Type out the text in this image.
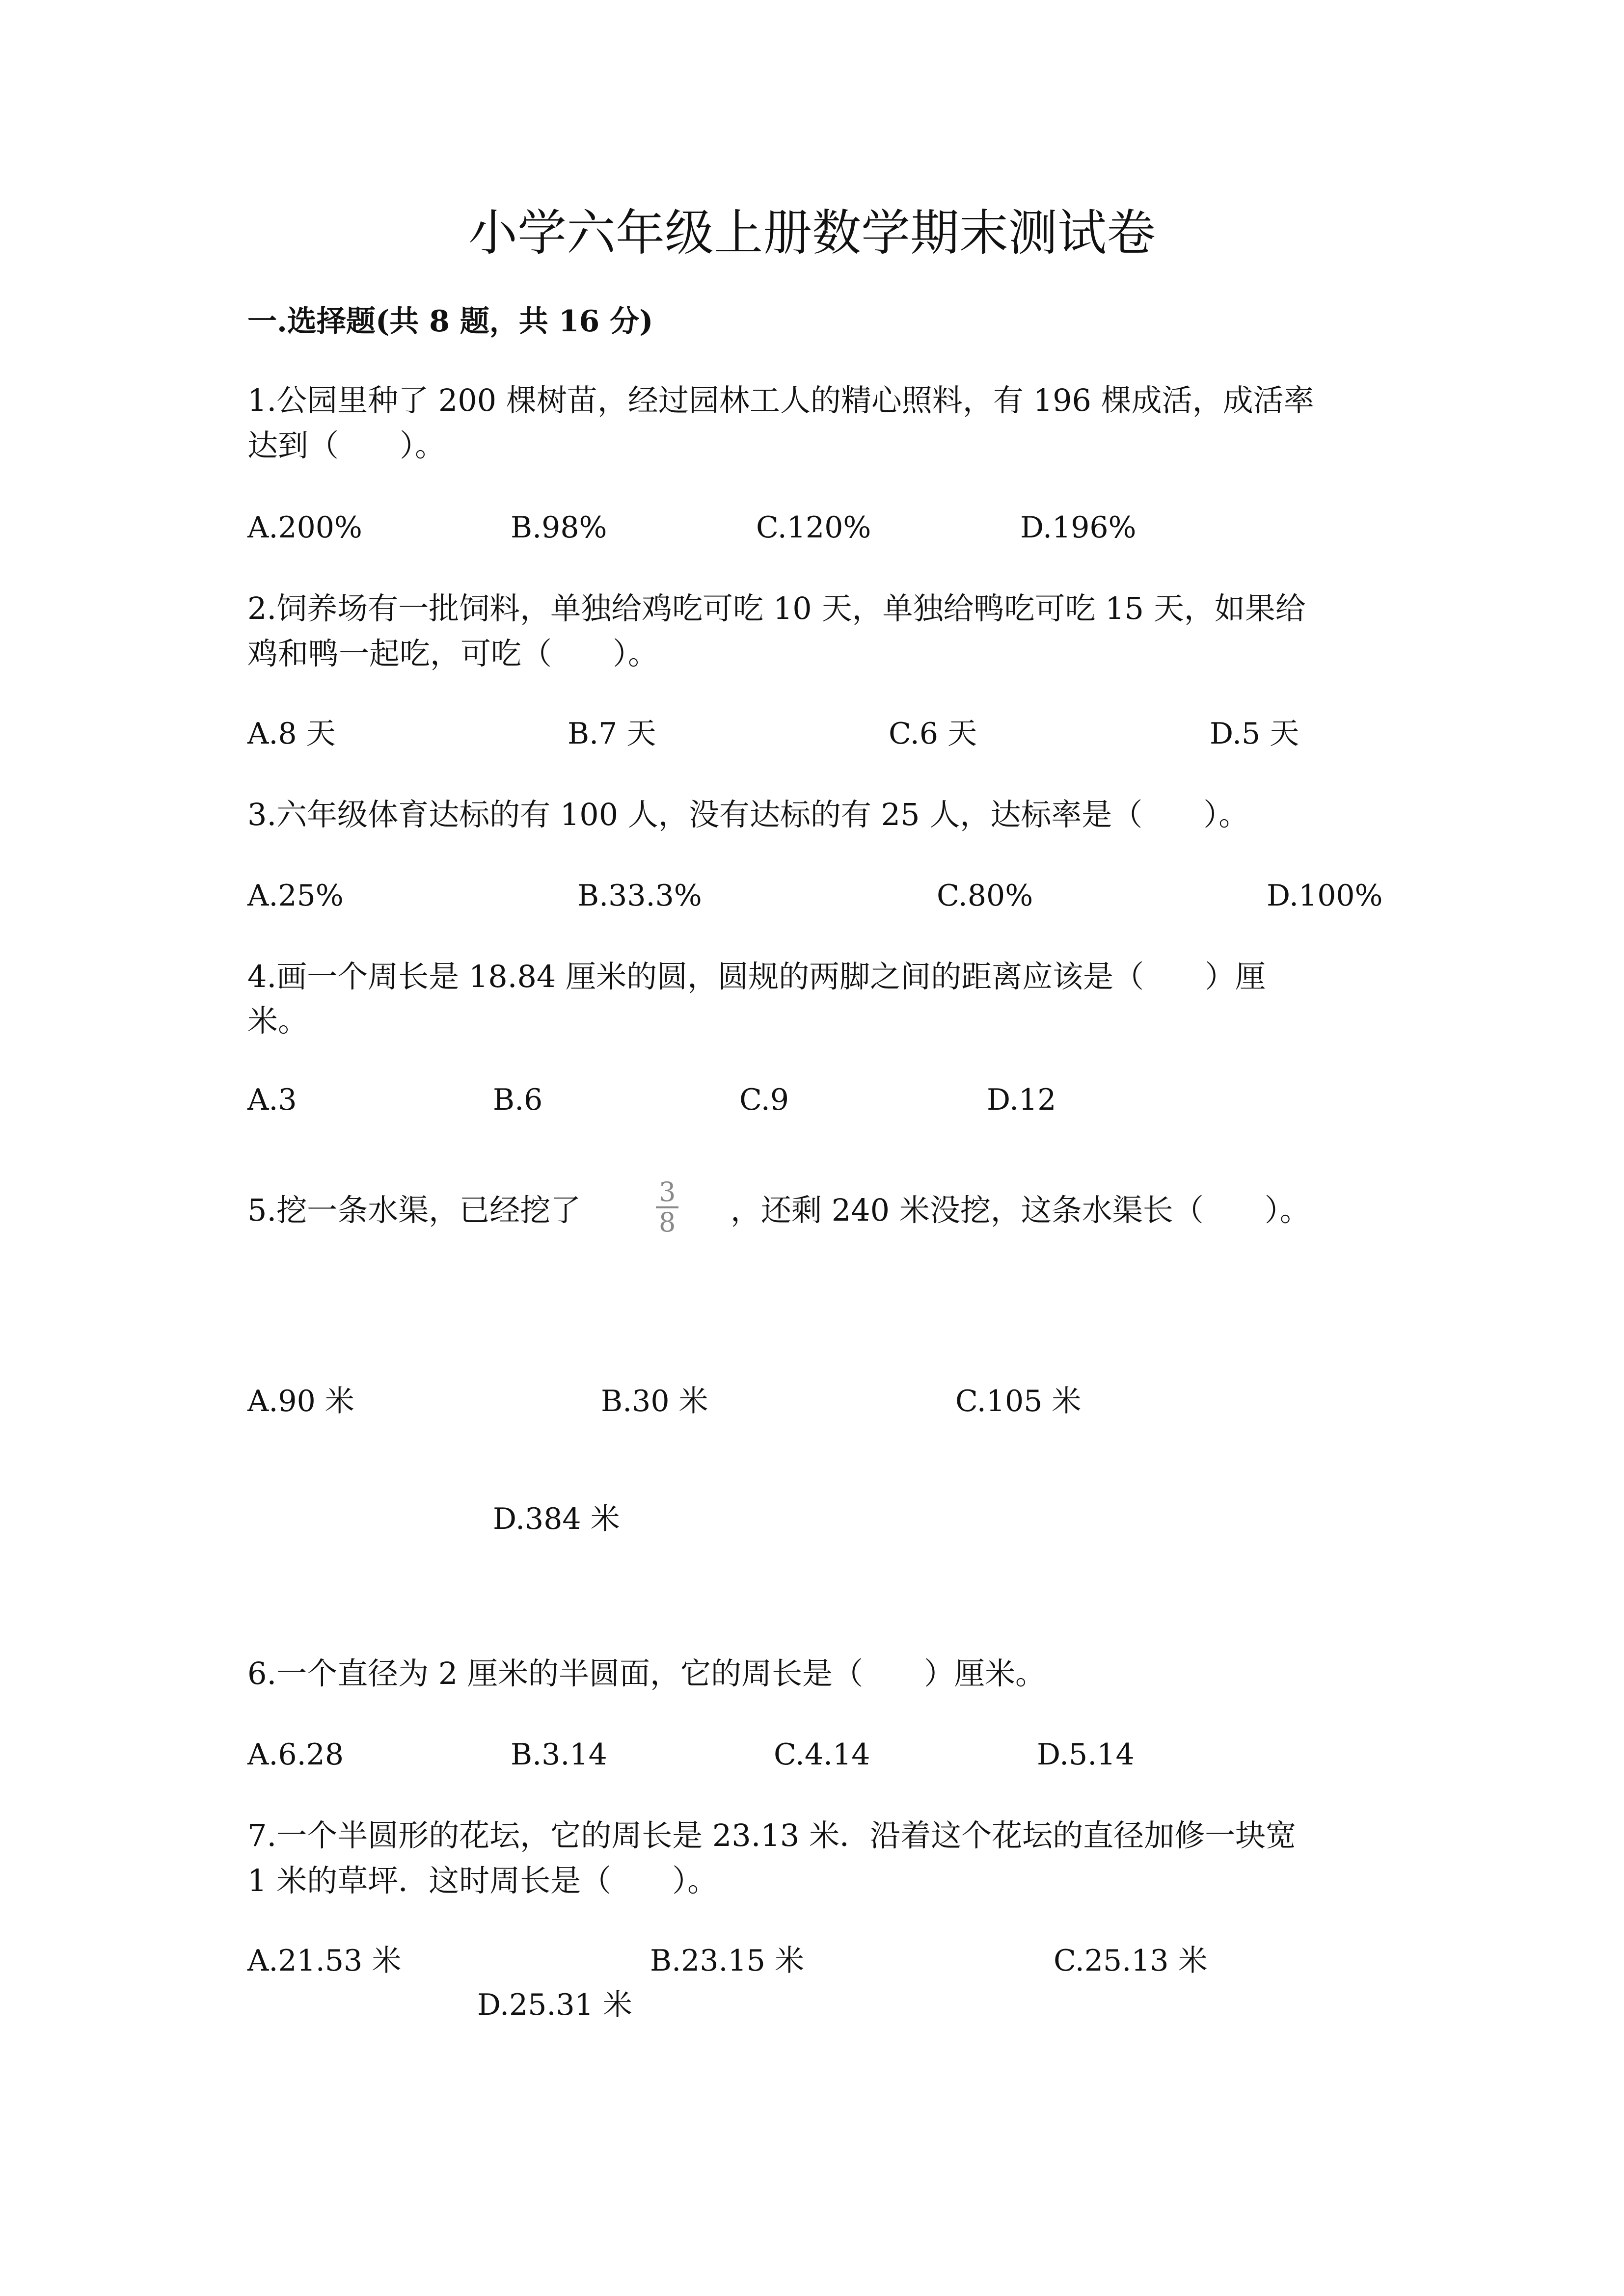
小学六年级上册数学期末测试卷
一.选择题(共 8 题，共 16 分)
1.公园里种了 200 棵树苗，经过园林工人的精心照料，有 196 棵成活，成活率
达到（　　）。
A.200%	B.98%	C.120%	D.196%
2.饲养场有一批饲料，单独给鸡吃可吃 10 天，单独给鸭吃可吃 15 天，如果给
鸡和鸭一起吃，可吃（　　）。
A.8 天	B.7 天	C.6 天	D.5 天
3.六年级体育达标的有 100 人，没有达标的有 25 人，达标率是（　　）。
A.25%	B.33.3%	C.80%	D.100%
4.画一个周长是 18.84 厘米的圆，圆规的两脚之间的距离应该是（　　）厘
米。
A.3	B.6	C.9	D.12
5.挖一条水渠，已经挖了	$\frac{3}{8}$ ，还剩 240 米没挖，这条水渠长（　　）。
A.90 米	B.30 米	C.105 米
D.384 米
6.一个直径为 2 厘米的半圆面，它的周长是（　　）厘米。
A.6.28	B.3.14	C.4.14	D.5.14
7.一个半圆形的花坛，它的周长是 23.13 米．沿着这个花坛的直径加修一块宽
1 米的草坪．这时周长是（　　）。
A.21.53 米	B.23.15 米	C.25.13 米
D.25.31 米
